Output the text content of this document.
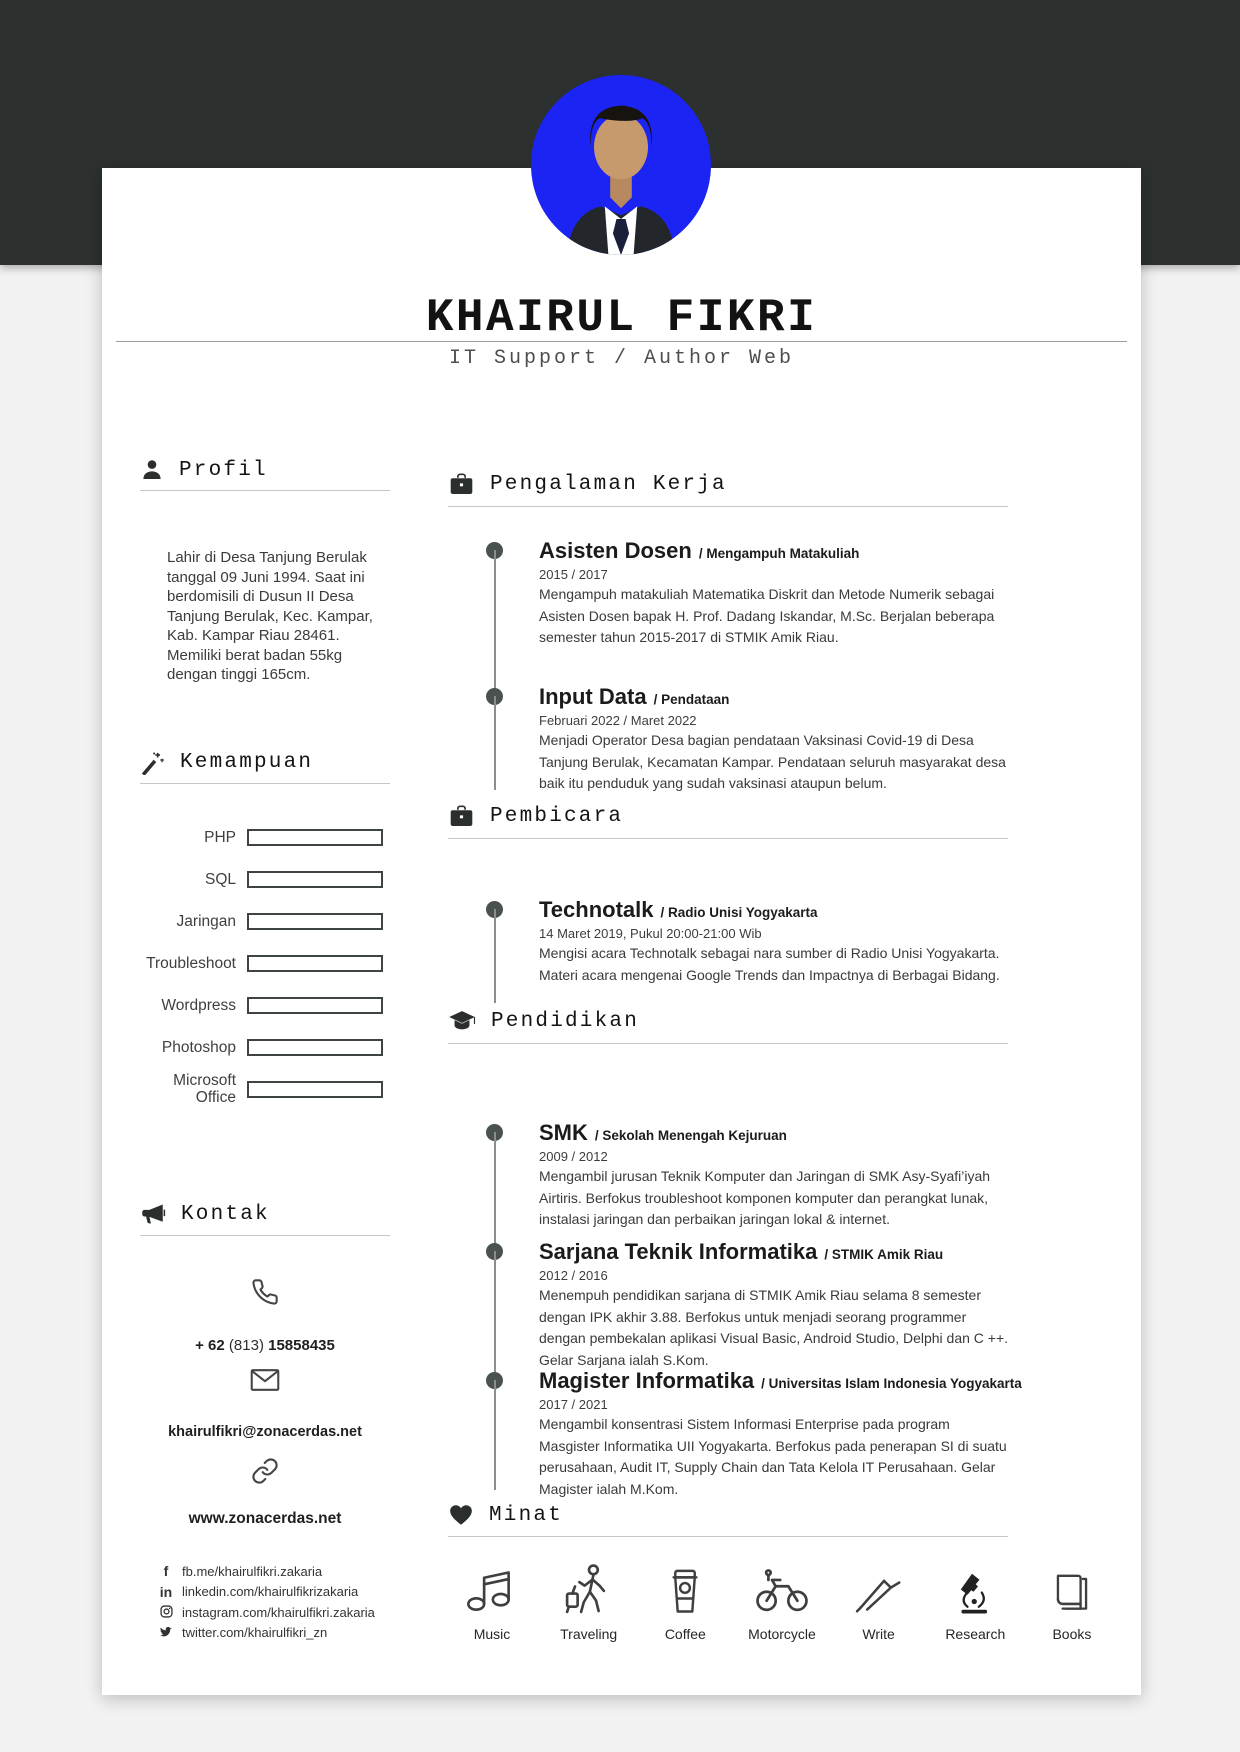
KHAIRUL FIKRI
IT Support / Author Web
Profil

Lahir di Desa Tanjung Berulak tanggal 09 Juni 1994. Saat ini berdomisili di Dusun II Desa Tanjung Berulak, Kec. Kampar, Kab. Kampar Riau 28461. Memiliki berat badan 55kg dengan tinggi 165cm.

Kemampuan
PHP
SQL
Jaringan
Troubleshoot
Wordpress
Photoshop
Microsoft Office
Kontak
+ 62 (813) 15858435
khairulfikri@zonacerdas.net
www.zonacerdas.net
f	fb.me/khairulfikri.zakaria
in linkedin.com/khairulfikrizakaria
instagram.com/khairulfikri.zakaria
twitter.com/khairulfikri_zn
Pengalaman Kerja
Asisten Dosen / Mengampuh Matakuliah
2015 / 2017
Mengampuh matakuliah Matematika Diskrit dan Metode Numerik sebagai Asisten Dosen bapak H. Prof. Dadang Iskandar, M.Sc. Berjalan beberapa semester tahun 2015-2017 di STMIK Amik Riau.
Input Data / Pendataan
Februari 2022 / Maret 2022
Menjadi Operator Desa bagian pendataan Vaksinasi Covid-19 di Desa Tanjung Berulak, Kecamatan Kampar. Pendataan seluruh masyarakat desa baik itu penduduk yang sudah vaksinasi ataupun belum.
Pembicara
Technotalk / Radio Unisi Yogyakarta
14 Maret 2019, Pukul 20:00-21:00 Wib
Mengisi acara Technotalk sebagai nara sumber di Radio Unisi Yogyakarta. Materi acara mengenai Google Trends dan Impactnya di Berbagai Bidang.
Pendidikan
SMK / Sekolah Menengah Kejuruan
2009 / 2012
Mengambil jurusan Teknik Komputer dan Jaringan di SMK Asy-Syafi’iyah Airtiris. Berfokus troubleshoot komponen komputer dan perangkat lunak, instalasi jaringan dan perbaikan jaringan lokal & internet.
Sarjana Teknik Informatika / STMIK Amik Riau
2012 / 2016
Menempuh pendidikan sarjana di STMIK Amik Riau selama 8 semester dengan IPK akhir 3.88. Berfokus untuk menjadi seorang programmer dengan pembekalan aplikasi Visual Basic, Android Studio, Delphi dan C ++. Gelar Sarjana ialah S.Kom.
Magister Informatika / Universitas Islam Indonesia Yogyakarta
2017 / 2021
Mengambil konsentrasi Sistem Informasi Enterprise pada program Masgister Informatika UII Yogyakarta. Berfokus pada penerapan SI di suatu perusahaan, Audit IT, Supply Chain dan Tata Kelola IT Perusahaan. Gelar Magister ialah M.Kom.
Minat
Music	Traveling	Coffee	Motorcycle	Write	Research	Books
